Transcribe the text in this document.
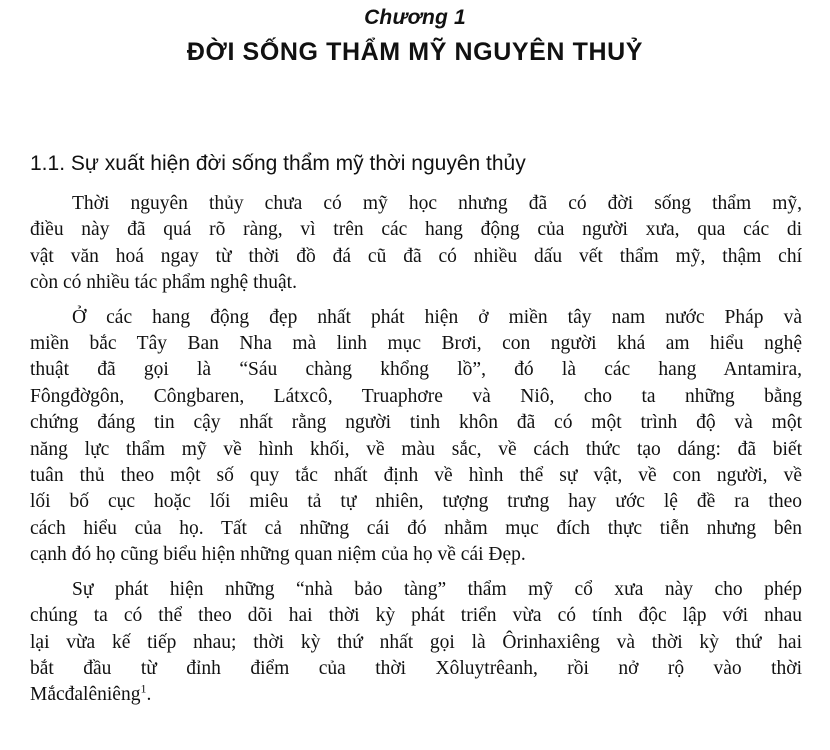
Chương 1
ĐỜI SỐNG THẨM MỸ NGUYÊN THUỶ
1.1. Sự xuất hiện đời sống thẩm mỹ thời nguyên thủy

Thời nguyên thủy chưa có mỹ học nhưng đã có đời sống thẩm mỹ,
điều này đã quá rõ ràng, vì trên các hang động của người xưa, qua các di
vật văn hoá ngay từ thời đồ đá cũ đã có nhiều dấu vết thẩm mỹ, thậm chí
còn có nhiều tác phẩm nghệ thuật.

Ở các hang động đẹp nhất phát hiện ở miền tây nam nước Pháp và
miền bắc Tây Ban Nha mà linh mục Brơi, con người khá am hiểu nghệ
thuật đã gọi là “Sáu chàng khổng lồ”, đó là các hang Antamira,
Fôngđờgôn, Côngbaren, Látxcô, Truaphơre và Niô, cho ta những bằng
chứng đáng tin cậy nhất rằng người tinh khôn đã có một trình độ và một
năng lực thẩm mỹ về hình khối, về màu sắc, về cách thức tạo dáng: đã biết
tuân thủ theo một số quy tắc nhất định về hình thể sự vật, về con người, về
lối bố cục hoặc lối miêu tả tự nhiên, tượng trưng hay ước lệ đề ra theo
cách hiểu của họ. Tất cả những cái đó nhằm mục đích thực tiễn nhưng bên
cạnh đó họ cũng biểu hiện những quan niệm của họ về cái Đẹp.

Sự phát hiện những “nhà bảo tàng” thẩm mỹ cổ xưa này cho phép
chúng ta có thể theo dõi hai thời kỳ phát triển vừa có tính độc lập với nhau
lại vừa kế tiếp nhau; thời kỳ thứ nhất gọi là Ôrinhaxiêng và thời kỳ thứ hai
bắt đầu từ đỉnh điểm của thời Xôluytrêanh, rồi nở rộ vào thời
Mắcđalêniêng$^1$.
